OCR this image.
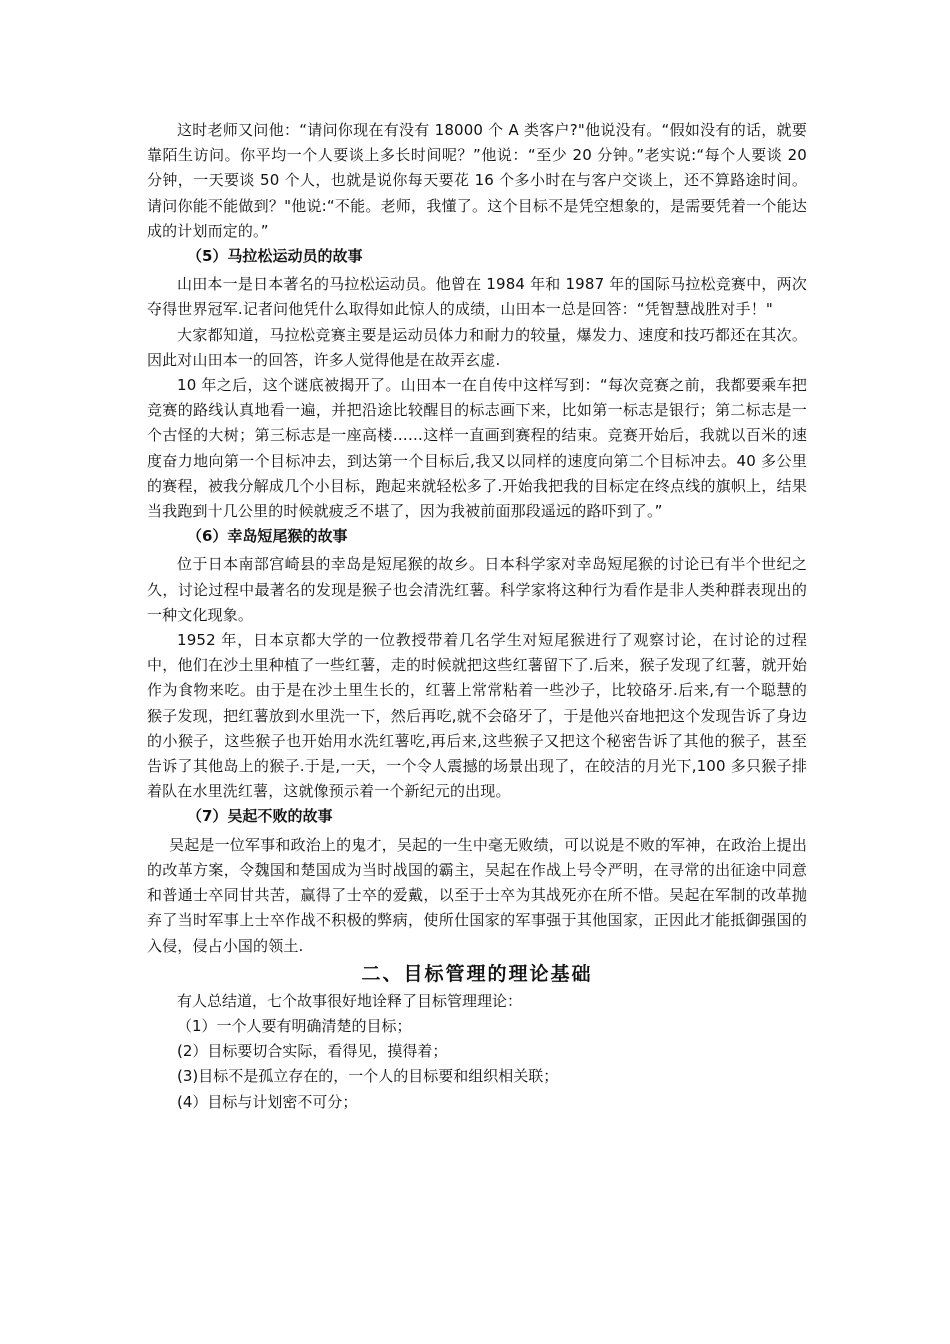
这时老师又问他：“请问你现在有没有 18000 个 A 类客户?"他说没有。“假如没有的话，就要靠陌生访问。你平均一个人要谈上多长时间呢？”他说：“至少 20 分钟。”老实说:“每个人要谈 20 分钟，一天要谈 50 个人，也就是说你每天要花 16 个多小时在与客户交谈上，还不算路途时间。请问你能不能做到？"他说:“不能。老师，我懂了。这个目标不是凭空想象的，是需要凭着一个能达成的计划而定的。”

（5）马拉松运动员的故事

山田本一是日本著名的马拉松运动员。他曾在 1984 年和 1987 年的国际马拉松竞赛中，两次夺得世界冠军.记者问他凭什么取得如此惊人的成绩，山田本一总是回答：“凭智慧战胜对手！"

大家都知道，马拉松竞赛主要是运动员体力和耐力的较量，爆发力、速度和技巧都还在其次。因此对山田本一的回答，许多人觉得他是在故弄玄虚.

10 年之后，这个谜底被揭开了。山田本一在自传中这样写到：“每次竞赛之前，我都要乘车把竞赛的路线认真地看一遍，并把沿途比较醒目的标志画下来，比如第一标志是银行；第二标志是一个古怪的大树；第三标志是一座高楼……这样一直画到赛程的结束。竞赛开始后，我就以百米的速度奋力地向第一个目标冲去，到达第一个目标后,我又以同样的速度向第二个目标冲去。40 多公里的赛程，被我分解成几个小目标，跑起来就轻松多了.开始我把我的目标定在终点线的旗帜上，结果当我跑到十几公里的时候就疲乏不堪了，因为我被前面那段遥远的路吓到了。”

（6）幸岛短尾猴的故事

位于日本南部宫崎县的幸岛是短尾猴的故乡。日本科学家对幸岛短尾猴的讨论已有半个世纪之久，讨论过程中最著名的发现是猴子也会清洗红薯。科学家将这种行为看作是非人类种群表现出的一种文化现象。

1952 年，日本京都大学的一位教授带着几名学生对短尾猴进行了观察讨论，在讨论的过程中，他们在沙土里种植了一些红薯，走的时候就把这些红薯留下了.后来，猴子发现了红薯，就开始作为食物来吃。由于是在沙土里生长的，红薯上常常粘着一些沙子，比较硌牙.后来,有一个聪慧的猴子发现，把红薯放到水里洗一下，然后再吃,就不会硌牙了，于是他兴奋地把这个发现告诉了身边的小猴子，这些猴子也开始用水洗红薯吃,再后来,这些猴子又把这个秘密告诉了其他的猴子，甚至告诉了其他岛上的猴子.于是,一天，一个令人震撼的场景出现了，在皎洁的月光下,100 多只猴子排着队在水里洗红薯，这就像预示着一个新纪元的出现。

（7）吴起不败的故事

吴起是一位军事和政治上的鬼才，吴起的一生中毫无败绩，可以说是不败的军神，在政治上提出的改革方案，令魏国和楚国成为当时战国的霸主，吴起在作战上号令严明，在寻常的出征途中同意和普通士卒同甘共苦，赢得了士卒的爱戴，以至于士卒为其战死亦在所不惜。吴起在军制的改革抛弃了当时军事上士卒作战不积极的弊病，使所仕国家的军事强于其他国家，正因此才能抵御强国的入侵，侵占小国的领土.

二、目标管理的理论基础

有人总结道，七个故事很好地诠释了目标管理理论：

（1）一个人要有明确清楚的目标；

(2）目标要切合实际，看得见，摸得着；

(3)目标不是孤立存在的，一个人的目标要和组织相关联；

(4）目标与计划密不可分；
